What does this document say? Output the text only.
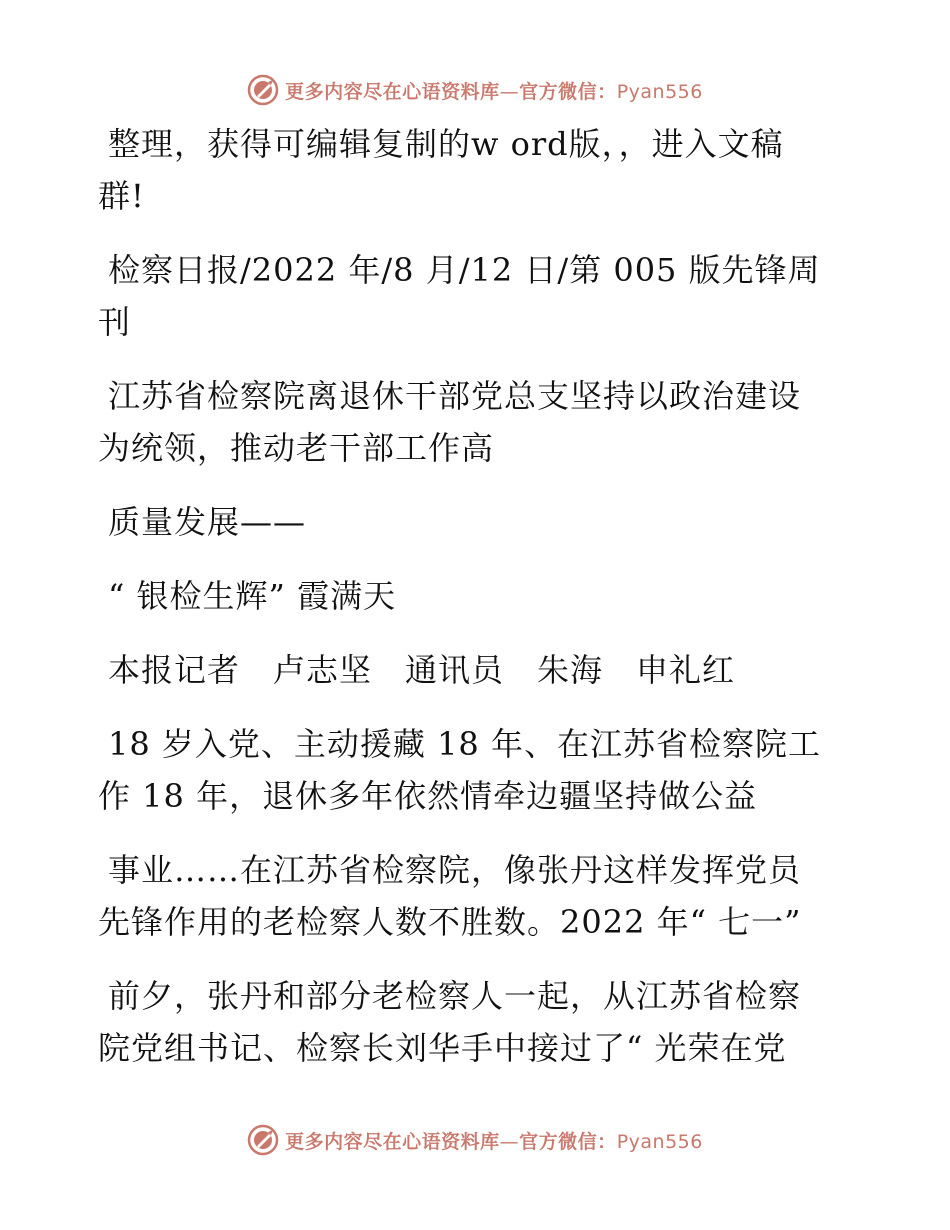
更多内容尽在心语资料库—官方微信：Pyan556

整理，获得可编辑复制的w ord版，，进入文稿
群!

检察日报/2022 年/8 月/12 日/第 005 版先锋周
刊

江苏省检察院离退休干部党总支坚持以政治建设
为统领，推动老干部工作高

质量发展——

“ 银检生辉” 霞满天

本报记者　卢志坚　通讯员　朱海　申礼红

18 岁入党、主动援藏 18 年、在江苏省检察院工
作 18 年，退休多年依然情牵边疆坚持做公益

事业……在江苏省检察院，像张丹这样发挥党员
先锋作用的老检察人数不胜数。2022 年“ 七一”

前夕，张丹和部分老检察人一起，从江苏省检察
院党组书记、检察长刘华手中接过了“ 光荣在党

更多内容尽在心语资料库—官方微信：Pyan556
